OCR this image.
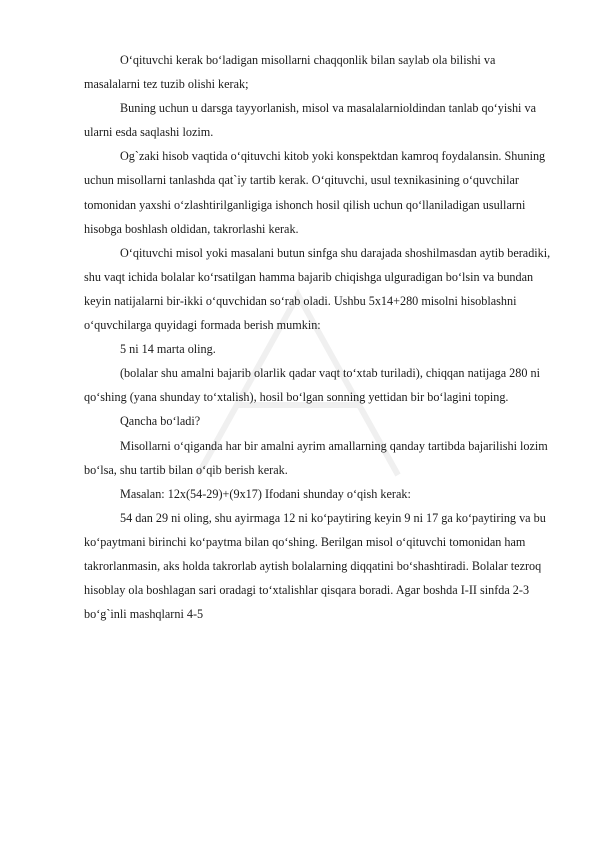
O‘qituvchi kerak bo‘ladigan misollarni chaqqonlik bilan saylab ola bilishi va masalalarni tez tuzib olishi kerak;

Buning uchun u darsga tayyorlanish, misol va masalalarnioldindan tanlab qo‘yishi va ularni esda saqlashi lozim.

Og`zaki hisob vaqtida o‘qituvchi kitob yoki konspektdan kamroq foydalansin. Shuning uchun misollarni tanlashda qat`iy tartib kerak. O‘qituvchi, usul texnikasining o‘quvchilar tomonidan yaxshi o‘zlashtirilganligiga ishonch hosil qilish uchun qo‘llaniladigan usullarni hisobga boshlash oldidan, takrorlashi kerak.

O‘qituvchi misol yoki masalani butun sinfga shu darajada shoshilmasdan aytib beradiki, shu vaqt ichida bolalar ko‘rsatilgan hamma bajarib chiqishga ulguradigan bo‘lsin va bundan keyin natijalarni bir-ikki o‘quvchidan so‘rab oladi. Ushbu 5x14+280 misolni hisoblashni o‘quvchilarga quyidagi formada berish mumkin:

5 ni 14 marta oling.

(bolalar shu amalni bajarib olarlik qadar vaqt to‘xtab turiladi), chiqqan natijaga 280 ni qo‘shing (yana shunday to‘xtalish), hosil bo‘lgan sonning yettidan bir bo‘lagini toping.

Qancha bo‘ladi?

Misollarni o‘qiganda har bir amalni ayrim amallarning qanday tartibda bajarilishi lozim bo‘lsa, shu tartib bilan o‘qib berish kerak.

Masalan: 12x(54-29)+(9x17) Ifodani shunday o‘qish kerak:

54 dan 29 ni oling, shu ayirmaga 12 ni ko‘paytiring keyin 9 ni 17 ga ko‘paytiring va bu ko‘paytmani birinchi ko‘paytma bilan qo‘shing. Berilgan misol o‘qituvchi tomonidan ham takrorlanmasin, aks holda takrorlab aytish bolalarning diqqatini bo‘shashtiradi. Bolalar tezroq hisoblay ola boshlagan sari oradagi to‘xtalishlar qisqara boradi. Agar boshda I-II sinfda 2-3 bo‘g`inli mashqlarni 4-5
